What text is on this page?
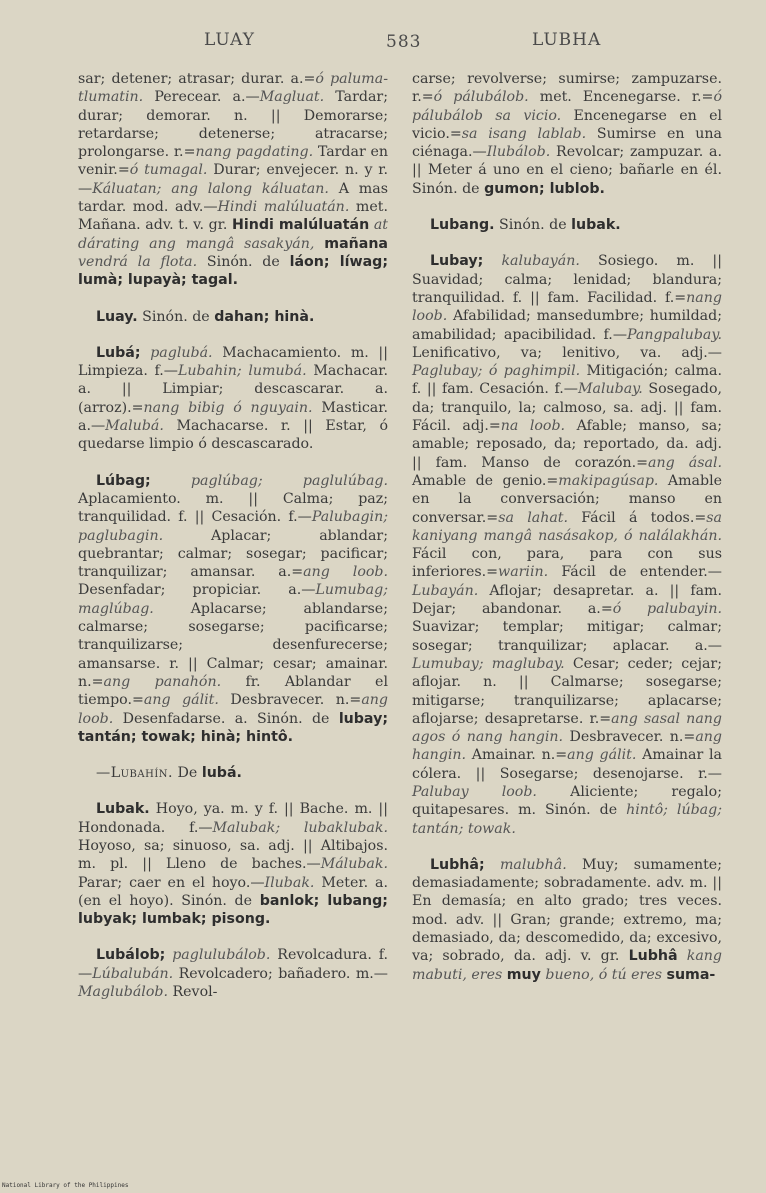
LUAY	583	LUBHA

sar; detener; atrasar; durar. a.=ó palumatlumatin. Perecear. a.—Magluat. Tardar; durar; demorar. n. || Demorarse; retardarse; detenerse; atracarse; prolongarse. r.=nang pagdating. Tardar en venir.=ó tumagal. Durar; envejecer. n. y r.—Káluatan; ang lalong káluatan. A mas tardar. mod. adv.—Hindi malúluatán. met. Mañana. adv. t. v. gr. Hindi malúluatán at dárating ang mangâ sasakyán, mañana vendrá la flota. Sinón. de láon; líwag; lumà; lupayà; tagal.

Luay. Sinón. de dahan; hinà.

Lubá; paglubá. Machacamiento. m. || Limpieza. f.—Lubahin; lumubá. Machacar. a. || Limpiar; descascarar. a. (arroz).=nang bibig ó nguyain. Masticar. a.—Malubá. Machacarse. r. || Estar, ó quedarse limpio ó descascarado.

Lúbag;	paglúbag; paglulúbag. Aplacamiento. m. || Calma; paz; tranquilidad. f. || Cesación. f.—Palubagin; paglubagin. Aplacar; ablandar; quebrantar; calmar; sosegar; pacificar; tranquilizar; amansar. a.=ang loob. Desenfadar; propiciar. a.—Lumubag; maglúbag. Aplacarse; ablandarse; calmarse; sosegarse; pacificarse; tranquilizarse; desenfurecerse; amansarse. r. || Calmar; cesar; amainar. n.=ang panahón. fr. Ablandar el tiempo.=ang gálit. Desbravecer. n.=ang loob. Desenfadarse. a. Sinón. de lubay; tantán; towak; hinà; hintô.

—Lubahín. De lubá.

Lubak. Hoyo, ya. m. y f. || Bache. m. || Hondonada. f.—Malubak; lubaklubak. Hoyoso, sa; sinuoso, sa. adj. || Altibajos. m. pl. || Lleno de baches.—Málubak. Parar; caer en el hoyo.—Ilubak. Meter. a. (en el hoyo). Sinón. de banlok; lubang; lubyak; lumbak; pisong.

Lubálob; paglulubálob. Revolcadura. f.—Lúbalubán. Revolcadero; bañadero. m.—Maglubálob. Revol-

carse; revolverse; sumirse; zampuzarse. r.=ó pálubálob. met. Encenegarse. r.=ó pálubálob sa vicio. Encenegarse en el vicio.=sa isang lablab. Sumirse en una ciénaga.—Ilubálob. Revolcar; zampuzar. a. || Meter á uno en el cieno; bañarle en él. Sinón. de gumon; lublob.

Lubang. Sinón. de lubak.

Lubay; kalubayán. Sosiego. m. || Suavidad; calma; lenidad; blandura; tranquilidad. f. || fam. Facilidad. f.=nang loob. Afabilidad; mansedumbre; humildad; amabilidad; apacibilidad. f.—Pangpalubay. Lenificativo, va; lenitivo, va. adj.—Paglubay; ó paghimpil. Mitigación; calma. f. || fam. Cesación. f.—Malubay. Sosegado, da; tranquilo, la; calmoso, sa. adj. || fam. Fácil. adj.=na loob. Afable; manso, sa; amable; reposado, da; reportado, da. adj. || fam. Manso de corazón.=ang ásal. Amable de genio.=makipagúsap. Amable en la conversación; manso en conversar.=sa lahat. Fácil á todos.=sa kaniyang mangâ nasásakop, ó nalálakhán. Fácil con, para, para con sus inferiores.=wariin. Fácil de entender.—Lubayán. Aflojar; desapretar. a. || fam. Dejar; abandonar. a.=ó palubayin. Suavizar; templar; mitigar; calmar; sosegar; tranquilizar; aplacar. a.—Lumubay; maglubay. Cesar; ceder; cejar; aflojar. n. || Calmarse; sosegarse; mitigarse; tranquilizarse; aplacarse; aflojarse; desapretarse. r.=ang sasal nang agos ó nang hangin. Desbravecer. n.=ang hangin. Amainar. n.=ang gálit. Amainar la cólera. || Sosegarse; desenojarse. r.—Palubay loob. Aliciente; regalo; quitapesares. m. Sinón. de hintô; lúbag; tantán; towak.

Lubhâ; malubhâ. Muy; sumamente; demasiadamente; sobradamente. adv. m. || En demasía; en alto grado; tres veces. mod. adv. || Gran; grande; extremo, ma; demasiado, da; descomedido, da; excesivo, va; sobrado, da. adj. v. gr. Lubhâ kang mabuti, eres muy bueno, ó tú eres suma-

National Library of the Philippines
